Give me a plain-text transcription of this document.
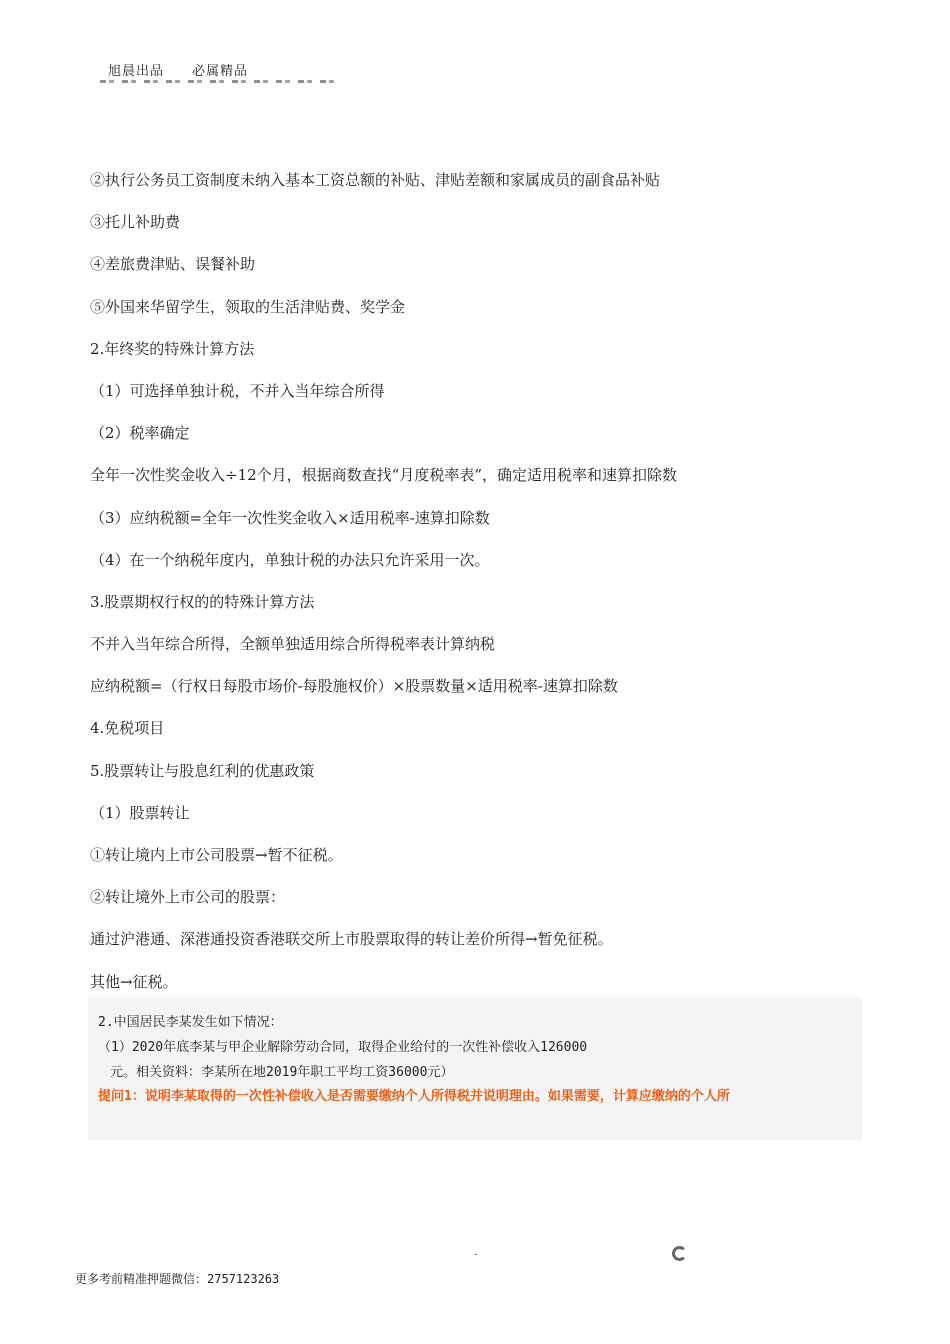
旭晨出品 必属精品
②执行公务员工资制度未纳入基本工资总额的补贴、津贴差额和家属成员的副食品补贴
③托儿补助费
④差旅费津贴、误餐补助
⑤外国来华留学生，领取的生活津贴费、奖学金
2.年终奖的特殊计算方法
（1）可选择单独计税，不并入当年综合所得
（2）税率确定
全年一次性奖金收入÷12个月，根据商数查找“月度税率表”，确定适用税率和速算扣除数
（3）应纳税额=全年一次性奖金收入×适用税率-速算扣除数
（4）在一个纳税年度内，单独计税的办法只允许采用一次。
3.股票期权行权的的特殊计算方法
不并入当年综合所得，全额单独适用综合所得税率表计算纳税
应纳税额=（行权日每股市场价-每股施权价）×股票数量×适用税率-速算扣除数
4.免税项目
5.股票转让与股息红利的优惠政策
（1）股票转让
①转让境内上市公司股票→暂不征税。
②转让境外上市公司的股票：
通过沪港通、深港通投资香港联交所上市股票取得的转让差价所得→暂免征税。
其他→征税。
2.中国居民李某发生如下情况：
（1）2020年底李某与甲企业解除劳动合同，取得企业给付的一次性补偿收入126000
元。相关资料：李某所在地2019年职工平均工资36000元）
提问1：说明李某取得的一次性补偿收入是否需要缴纳个人所得税并说明理由。如果需要，计算应缴纳的个人所
更多考前精准押题微信：2757123263
